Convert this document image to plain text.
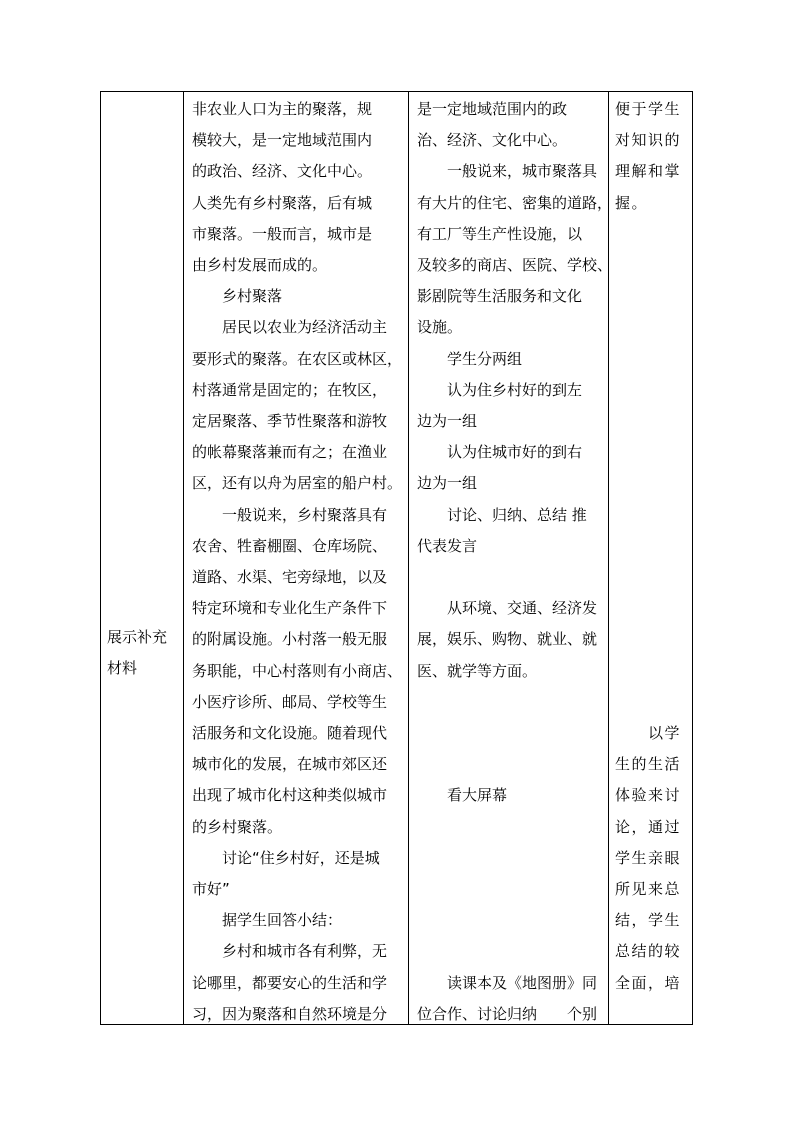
展示补充
材料
非农业人口为主的聚落，规
模较大，是一定地域范围内
的政治、经济、文化中心。
人类先有乡村聚落，后有城
市聚落。一般而言，城市是
由乡村发展而成的。
　　乡村聚落
　　居民以农业为经济活动主
要形式的聚落。在农区或林区，
村落通常是固定的；在牧区，
定居聚落、季节性聚落和游牧
的帐幕聚落兼而有之；在渔业
区，还有以舟为居室的船户村。
　　一般说来，乡村聚落具有
农舍、牲畜棚圈、仓库场院、
道路、水渠、宅旁绿地，以及
特定环境和专业化生产条件下
的附属设施。小村落一般无服
务职能，中心村落则有小商店、
小医疗诊所、邮局、学校等生
活服务和文化设施。随着现代
城市化的发展，在城市郊区还
出现了城市化村这种类似城市
的乡村聚落。
　　讨论“住乡村好，还是城
市好”
　　据学生回答小结：
　　乡村和城市各有利弊，无
论哪里，都要安心的生活和学
习，因为聚落和自然环境是分
是一定地域范围内的政
治、经济、文化中心。
　　一般说来，城市聚落具
有大片的住宅、密集的道路，
有工厂等生产性设施，以
及较多的商店、医院、学校、
影剧院等生活服务和文化
设施。
　　学生分两组
　　认为住乡村好的到左
边为一组
　　认为住城市好的到右
边为一组
　　讨论、归纳、总结 推
代表发言

　　从环境、交通、经济发
展，娱乐、购物、就业、就
医、就学等方面。

　　看大屏幕

　　读课本及《地图册》同
位合作、讨论归纳　　个别
便于学生
对知识的
理解和掌
握。

　　以学
生的生活
体验来讨
论，通过
学生亲眼
所见来总
结，学生
总结的较
全面，培
